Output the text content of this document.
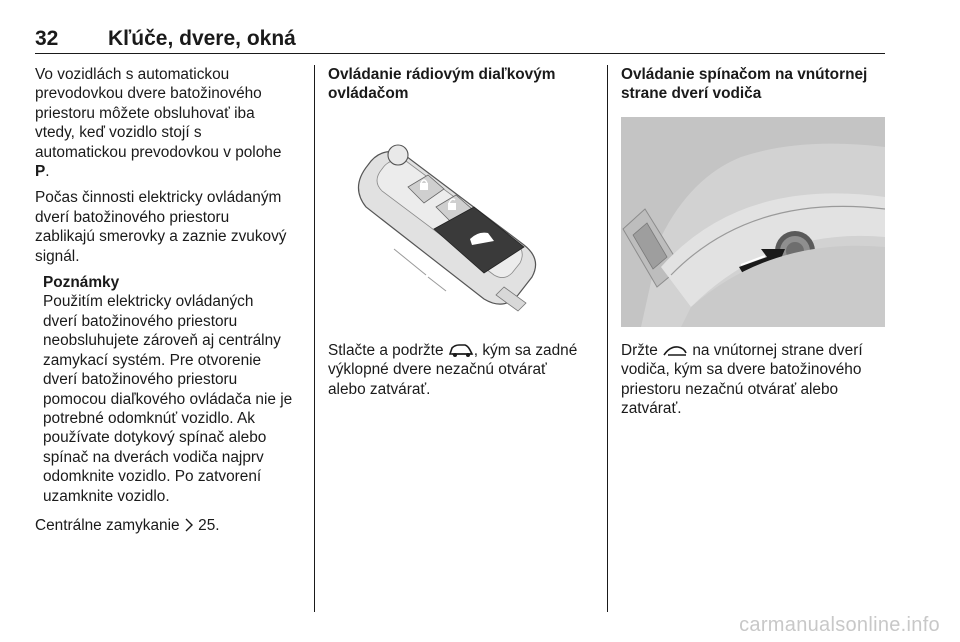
32 Kľúče, dvere, okná

Vo vozidlách s automatickou
prevodovkou dvere batožinového
priestoru môžete obsluhovať iba
vtedy, keď vozidlo stojí s
automatickou prevodovkou v polohe
P.

Počas činnosti elektricky ovládaným
dverí batožinového priestoru
zablikajú smerovky a zaznie zvukový
signál.

Poznámky
Použitím elektricky ovládaných
dverí batožinového priestoru
neobsluhujete zároveň aj centrálny
zamykací systém. Pre otvorenie
dverí batožinového priestoru
pomocou diaľkového ovládača nie je
potrebné odomknúť vozidlo. Ak
používate dotykový spínač alebo
spínač na dverách vodiča najprv
odomknite vozidlo. Po zatvorení
uzamknite vozidlo.

Centrálne zamykanie 25.

Ovládanie rádiovým diaľkovým
ovládačom

Stlačte a podržte , kým sa zadné
výklopné dvere nezačnú otvárať
alebo zatvárať.

Ovládanie spínačom na vnútornej
strane dverí vodiča

Držte  na vnútornej strane dverí
vodiča, kým sa dvere batožinového
priestoru nezačnú otvárať alebo
zatvárať.

carmanualsonline.info
